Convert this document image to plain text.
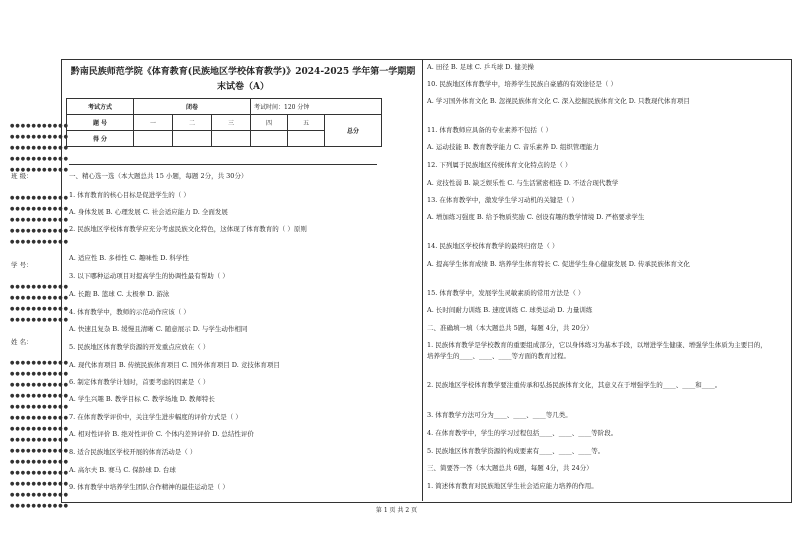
●●●●●●●●●●●
●●●●●●●●●●●
●●●●●●●●●●●
●●●●●●●●●●●
●●●●●●●●●●●
班 级：
●●●●●●●●●●●
●●●●●●●●●●●
●●●●●●●●●●●
●●●●●●●●●●●
●●●●●●●●●●●
学 号：
●●●●●●●●●●●
●●●●●●●●●●●
●●●●●●●●●●●
●●●●●●●●●●●
姓 名：
●●●●●●●●●●●
●●●●●●●●●●●
●●●●●●●●●●●
●●●●●●●●●●●
●●●●●●●●●●●
●●●●●●●●●●●
●●●●●●●●●●●
●●●●●●●●●●●
●●●●●●●●●●●
●●●●●●●●●●●
●●●●●●●●●●●
●●●●●●●●●●●
●●●●●●●●●●●
●●●●●●●●●●●
黔南民族师范学院《体育教育(民族地区学校体育教学)》2024-2025 学年第一学期期末试卷（A）
考试方式	闭卷			考试时间：120 分钟		
题 号	一	二	三	四	五	总分
得 分						
一、精心选一选（本大题总共 15 小题，每题 2分，共 30分）
1. 体育教育的核心目标是促进学生的（ ）
A. 身体发展 B. 心理发展 C. 社会适应能力 D. 全面发展
2. 民族地区学校体育教学应充分考虑民族文化特色，这体现了体育教育的（ ）原则
A. 适应性 B. 多样性 C. 趣味性 D. 科学性
3. 以下哪种运动项目对提高学生的协调性最有帮助（ ）
A. 长跑 B. 篮球 C. 太极拳 D. 游泳
4. 体育教学中，教师的示范动作应该（ ）
A. 快速且复杂 B. 缓慢且清晰 C. 随意展示 D. 与学生动作相同
5. 民族地区体育教学资源的开发重点应放在（ ）
A. 现代体育项目 B. 传统民族体育项目 C. 国外体育项目 D. 竞技体育项目
6. 制定体育教学计划时，首要考虑的因素是（ ）
A. 学生兴趣 B. 教学目标 C. 教学场地 D. 教师特长
7. 在体育教学评价中，关注学生进步幅度的评价方式是（ ）
A. 相对性评价 B. 绝对性评价 C. 个体内差异评价 D. 总结性评价
8. 适合民族地区学校开展的体育活动是（ ）
A. 高尔夫 B. 赛马 C. 保龄球 D. 台球
9. 体育教学中培养学生团队合作精神的最佳运动是（ ）
A. 田径 B. 足球 C. 乒乓球 D. 健美操
10. 民族地区体育教学中，培养学生民族自豪感的有效途径是（ ）
A. 学习国外体育文化 B. 忽视民族体育文化 C. 深入挖掘民族体育文化 D. 只教现代体育项目
11. 体育教师应具备的专业素养不包括（ ）
A. 运动技能 B. 教育教学能力 C. 音乐素养 D. 组织管理能力
12. 下列属于民族地区传统体育文化特点的是（ ）
A. 竞技性弱 B. 缺乏娱乐性 C. 与生活紧密相连 D. 不适合现代教学
13. 在体育教学中，激发学生学习动机的关键是（ ）
A. 增加练习强度 B. 给予物质奖励 C. 创设有趣的教学情境 D. 严格要求学生
14. 民族地区学校体育教学的最终归宿是（ ）
A. 提高学生体育成绩 B. 培养学生体育特长 C. 促进学生身心健康发展 D. 传承民族体育文化
15. 体育教学中，发展学生灵敏素质的常用方法是（ ）
A. 长时间耐力训练 B. 速度训练 C. 球类运动 D. 力量训练
二、准确填一填（本大题总共 5题，每题 4分，共 20分）
1. 民族体育教学是学校教育的重要组成部分，它以身体练习为基本手段，以增进学生健康、增强学生体质为主要目的，培养学生的____、____、____等方面的教育过程。
2. 民族地区学校体育教学要注重传承和弘扬民族体育文化，其意义在于增强学生的____、____和____。
3. 体育教学方法可分为____、____、____等几类。
4. 在体育教学中，学生的学习过程包括____、____、____等阶段。
5. 民族地区体育教学资源的构成要素有____、____、____等。
三、简要答一答（本大题总共 6题，每题 4分，共 24分）
1. 简述体育教育对民族地区学生社会适应能力培养的作用。
第 1 页 共 2 页
